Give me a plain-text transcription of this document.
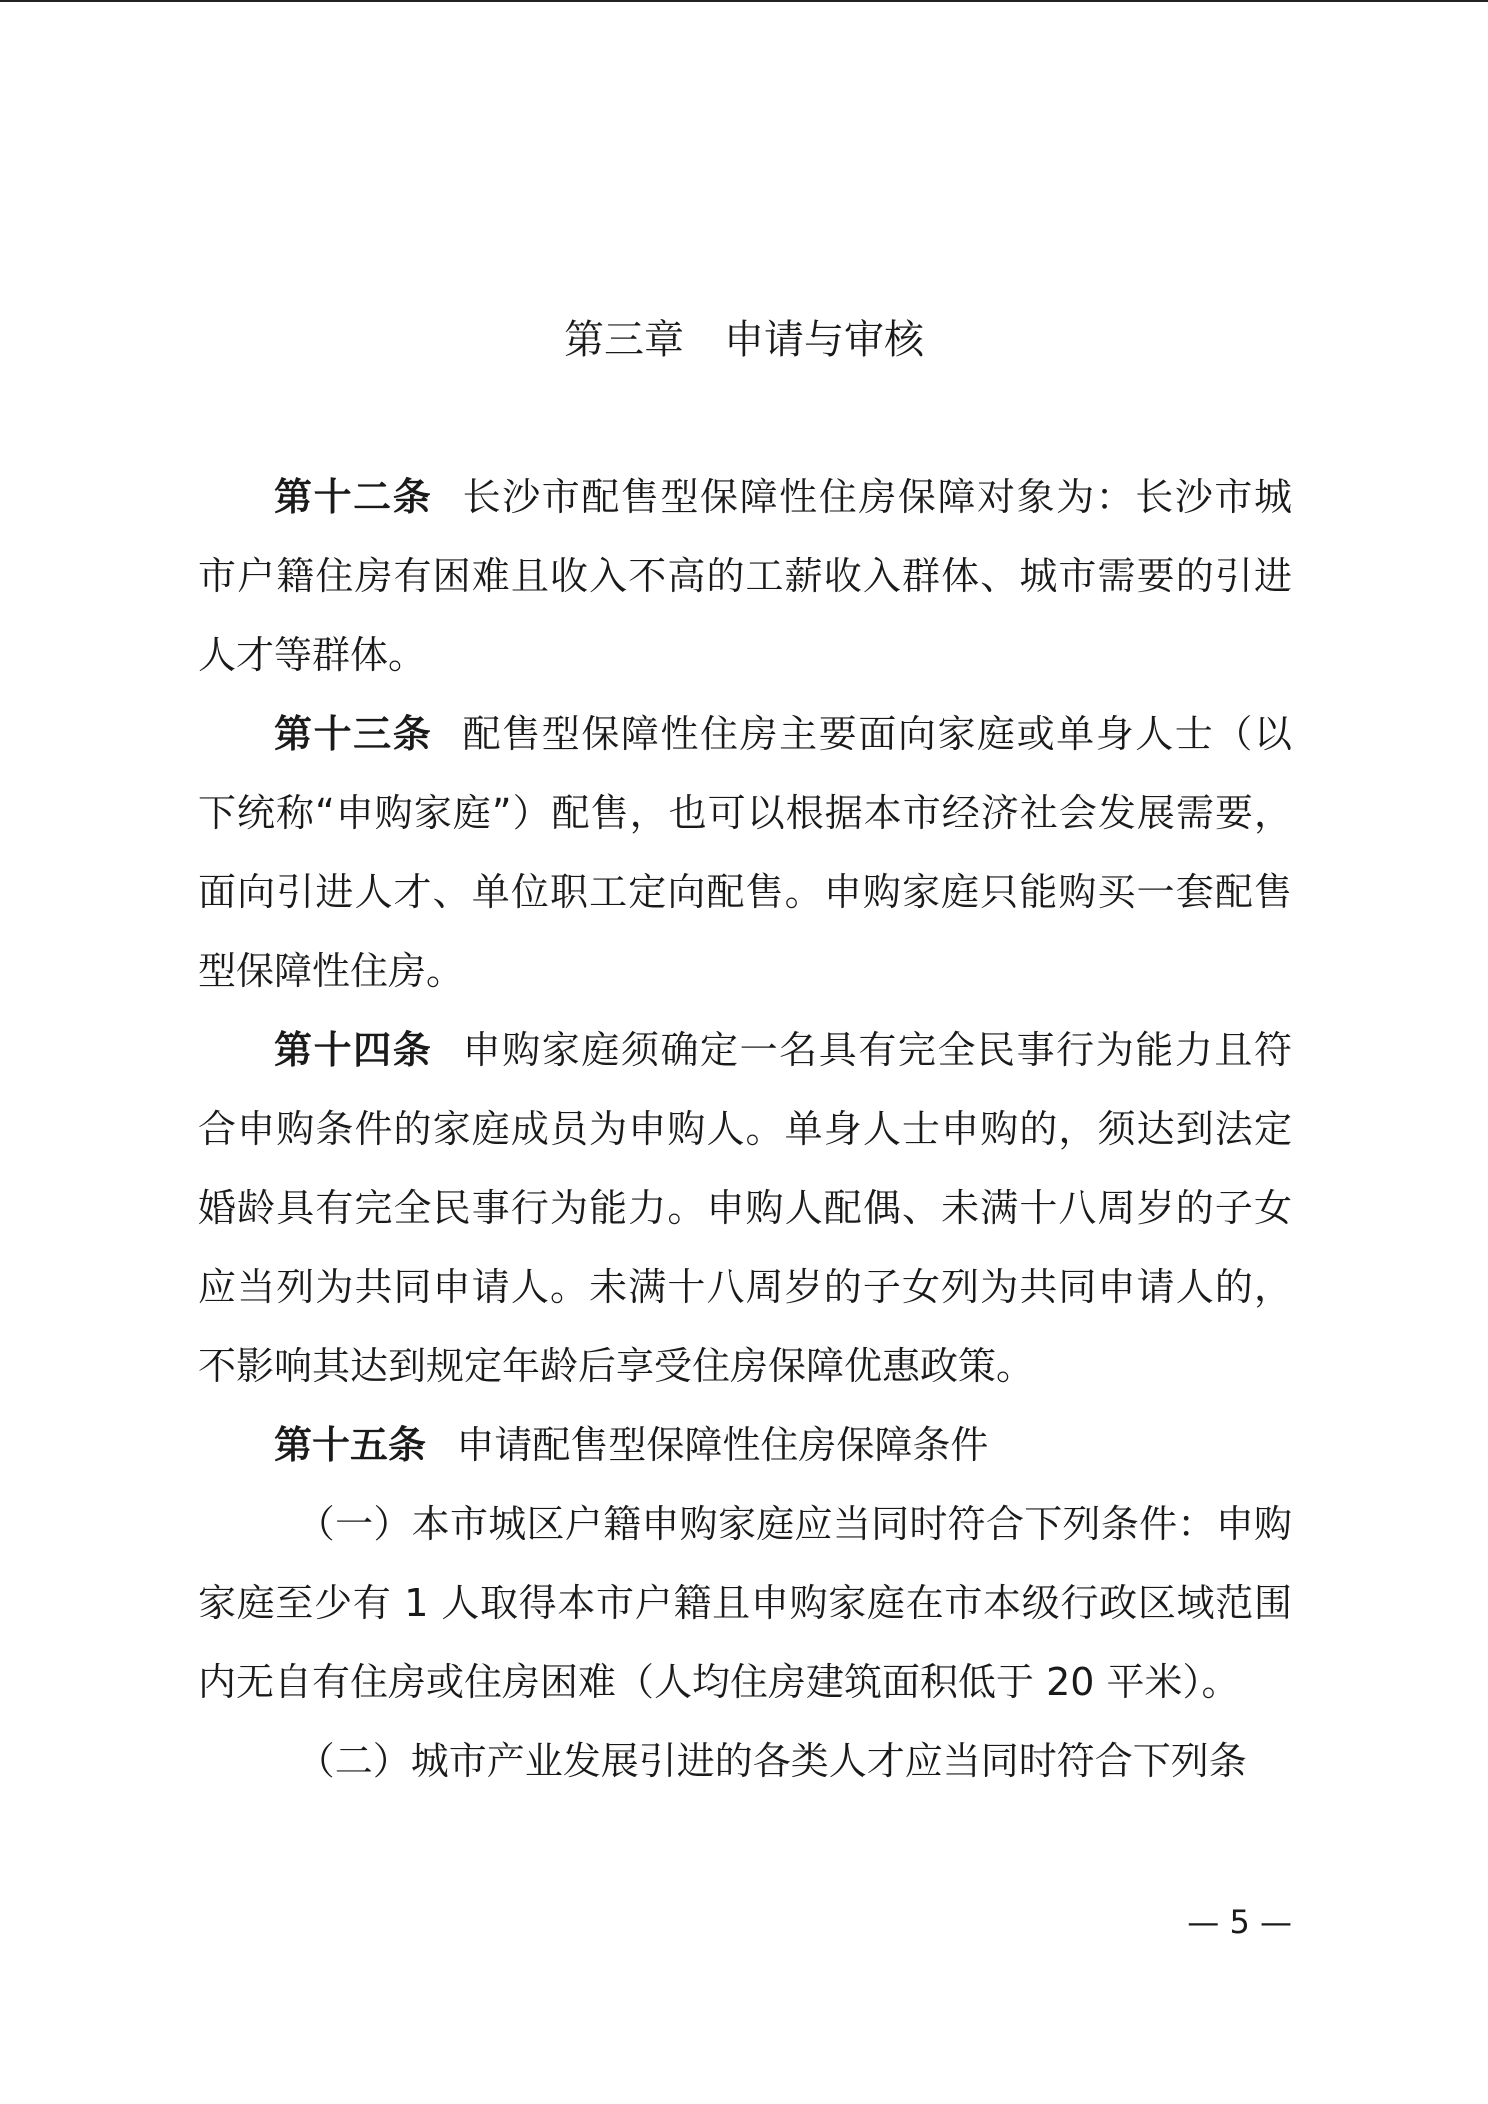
第三章　申请与审核

第十二条 长沙市配售型保障性住房保障对象为：长沙市城市户籍住房有困难且收入不高的工薪收入群体、城市需要的引进人才等群体。

第十三条 配售型保障性住房主要面向家庭或单身人士（以下统称“申购家庭”）配售，也可以根据本市经济社会发展需要，面向引进人才、单位职工定向配售。申购家庭只能购买一套配售型保障性住房。

第十四条 申购家庭须确定一名具有完全民事行为能力且符合申购条件的家庭成员为申购人。单身人士申购的，须达到法定婚龄具有完全民事行为能力。申购人配偶、未满十八周岁的子女应当列为共同申请人。未满十八周岁的子女列为共同申请人的，不影响其达到规定年龄后享受住房保障优惠政策。

第十五条 申请配售型保障性住房保障条件

（一）本市城区户籍申购家庭应当同时符合下列条件：申购家庭至少有 1 人取得本市户籍且申购家庭在市本级行政区域范围内无自有住房或住房困难（人均住房建筑面积低于 20 平米）。

（二）城市产业发展引进的各类人才应当同时符合下列条

— 5 —
